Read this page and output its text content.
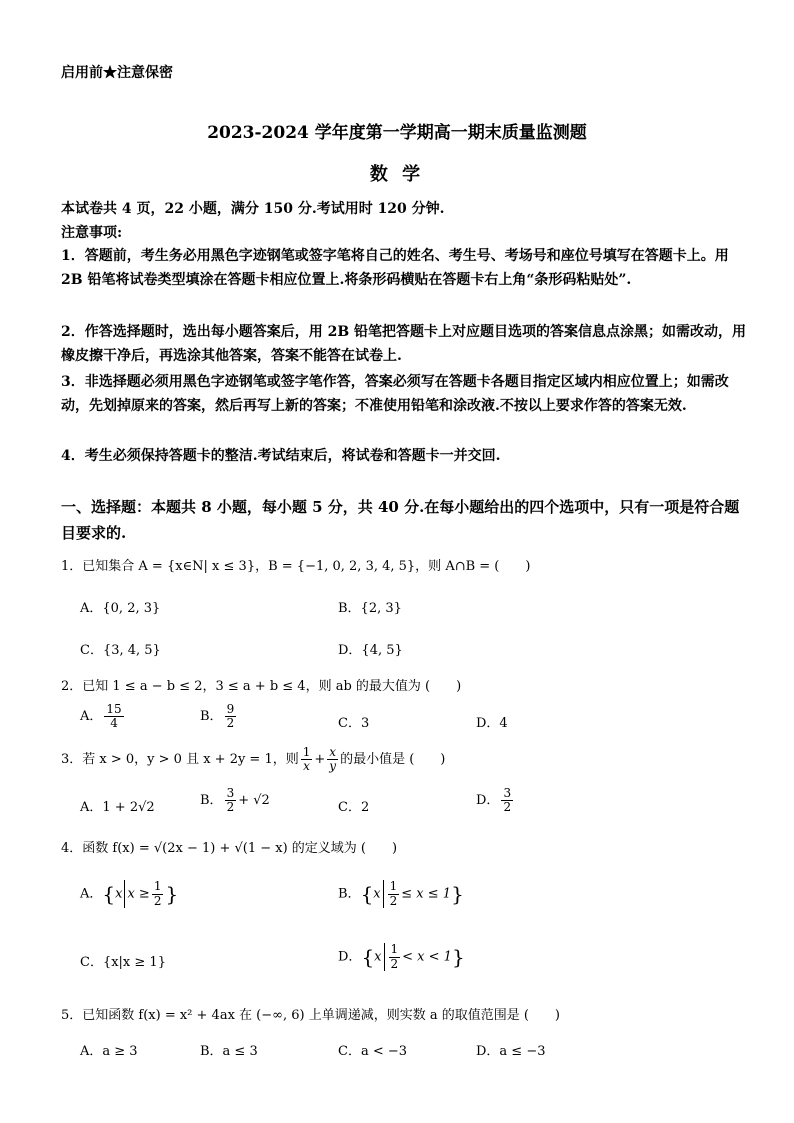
启用前★注意保密
2023-2024 学年度第一学期高一期末质量监测题
数 学
本试卷共 4 页，22 小题，满分 150 分.考试用时 120 分钟.
注意事项:
1．答题前，考生务必用黑色字迹钢笔或签字笔将自己的姓名、考生号、考场号和座位号填写在答题卡上。用 2B 铅笔将试卷类型填涂在答题卡相应位置上.将条形码横贴在答题卡右上角“条形码粘贴处”.
2．作答选择题时，选出每小题答案后，用 2B 铅笔把答题卡上对应题目选项的答案信息点涂黑；如需改动，用橡皮擦干净后，再选涂其他答案，答案不能答在试卷上.
3．非选择题必须用黑色字迹钢笔或签字笔作答，答案必须写在答题卡各题目指定区域内相应位置上；如需改动，先划掉原来的答案，然后再写上新的答案；不准使用铅笔和涂改液.不按以上要求作答的答案无效.
4．考生必须保持答题卡的整洁.考试结束后，将试卷和答题卡一并交回.
一、选择题：本题共 8 小题，每小题 5 分，共 40 分.在每小题给出的四个选项中，只有一项是符合题目要求的.
1．已知集合 A = {x∈N| x ≤ 3}，B = {−1, 0, 2, 3, 4, 5}，则 A∩B = (　　)
A．{0, 2, 3}	B．{2, 3}
C．{3, 4, 5}	D．{4, 5}
2．已知 1 ≤ a − b ≤ 2，3 ≤ a + b ≤ 4，则 ab 的最大值为 (　　)
A． $\frac{15}{4}$	B． $\frac{9}{2}$	C．3	D．4
3．若 x > 0，y > 0 且 x + 2y = 1，则 $\frac{1}{x} + \frac{x}{y}$ 的最小值是 (　　)
A．1 + 2√2	B． $\frac{3}{2} + √2$	C．2	D． $\frac{3}{2}$
4．函数 f(x) = √(2x − 1) + √(1 − x) 的定义域为 (　　)
A．{x $x \ge \frac{1}{2}$ }	B．$\{x \frac{1}{2} \le x \le 1\}$
C．{x|x ≥ 1}	D．$\{x \frac{1}{2} < x < 1\}$
5．已知函数 f(x) = x² + 4ax 在 (−∞, 6) 上单调递减，则实数 a 的取值范围是 (　　)
A．a ≥ 3	B．a ≤ 3	C．a < −3	D．a ≤ −3
